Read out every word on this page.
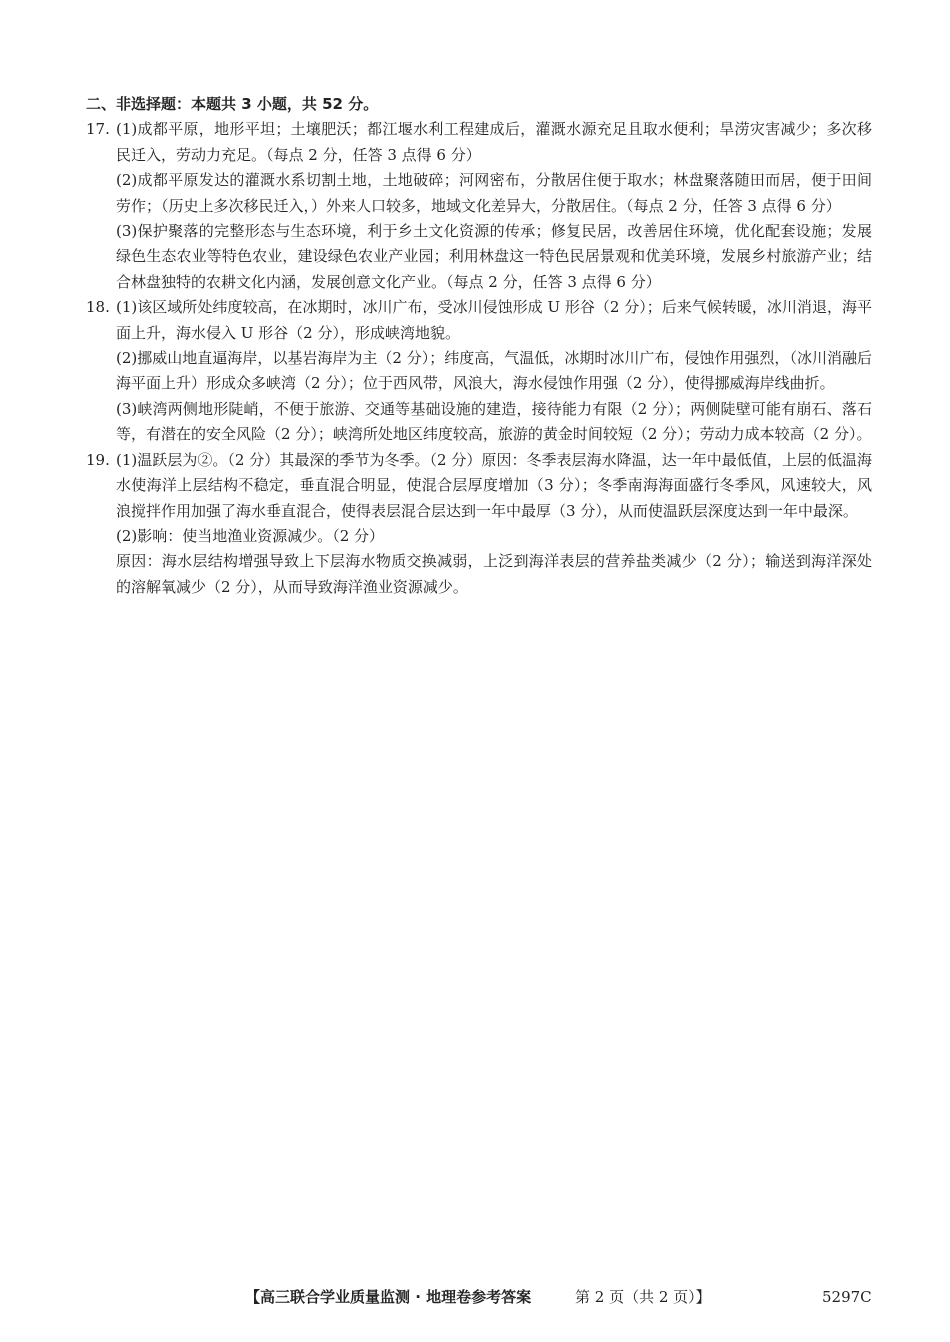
二、非选择题：本题共 3 小题，共 52 分。
17. (1)成都平原，地形平坦；土壤肥沃；都江堰水利工程建成后，灌溉水源充足且取水便利；旱涝灾害减少；多次移民迁入，劳动力充足。（每点 2 分，任答 3 点得 6 分）
(2)成都平原发达的灌溉水系切割土地，土地破碎；河网密布，分散居住便于取水；林盘聚落随田而居，便于田间劳作；（历史上多次移民迁入，）外来人口较多，地域文化差异大，分散居住。（每点 2 分，任答 3 点得 6 分）
(3)保护聚落的完整形态与生态环境，利于乡土文化资源的传承；修复民居，改善居住环境，优化配套设施；发展绿色生态农业等特色农业，建设绿色农业产业园；利用林盘这一特色民居景观和优美环境，发展乡村旅游产业；结合林盘独特的农耕文化内涵，发展创意文化产业。（每点 2 分，任答 3 点得 6 分）
18. (1)该区域所处纬度较高，在冰期时，冰川广布，受冰川侵蚀形成 U 形谷（2 分）；后来气候转暖，冰川消退，海平面上升，海水侵入 U 形谷（2 分），形成峡湾地貌。
(2)挪威山地直逼海岸，以基岩海岸为主（2 分）；纬度高，气温低，冰期时冰川广布，侵蚀作用强烈，（冰川消融后海平面上升）形成众多峡湾（2 分）；位于西风带，风浪大，海水侵蚀作用强（2 分），使得挪威海岸线曲折。
(3)峡湾两侧地形陡峭，不便于旅游、交通等基础设施的建造，接待能力有限（2 分）；两侧陡壁可能有崩石、落石等，有潜在的安全风险（2 分）；峡湾所处地区纬度较高，旅游的黄金时间较短（2 分）；劳动力成本较高（2 分）。
19. (1)温跃层为②。（2 分）其最深的季节为冬季。（2 分）原因：冬季表层海水降温，达一年中最低值，上层的低温海水使海洋上层结构不稳定，垂直混合明显，使混合层厚度增加（3 分）；冬季南海海面盛行冬季风，风速较大，风浪搅拌作用加强了海水垂直混合，使得表层混合层达到一年中最厚（3 分），从而使温跃层深度达到一年中最深。
(2)影响：使当地渔业资源减少。（2 分）
原因：海水层结构增强导致上下层海水物质交换减弱，上泛到海洋表层的营养盐类减少（2 分）；输送到海洋深处的溶解氧减少（2 分），从而导致海洋渔业资源减少。
【高三联合学业质量监测 · 地理卷参考答案	第 2 页（共 2 页）】	5297C
